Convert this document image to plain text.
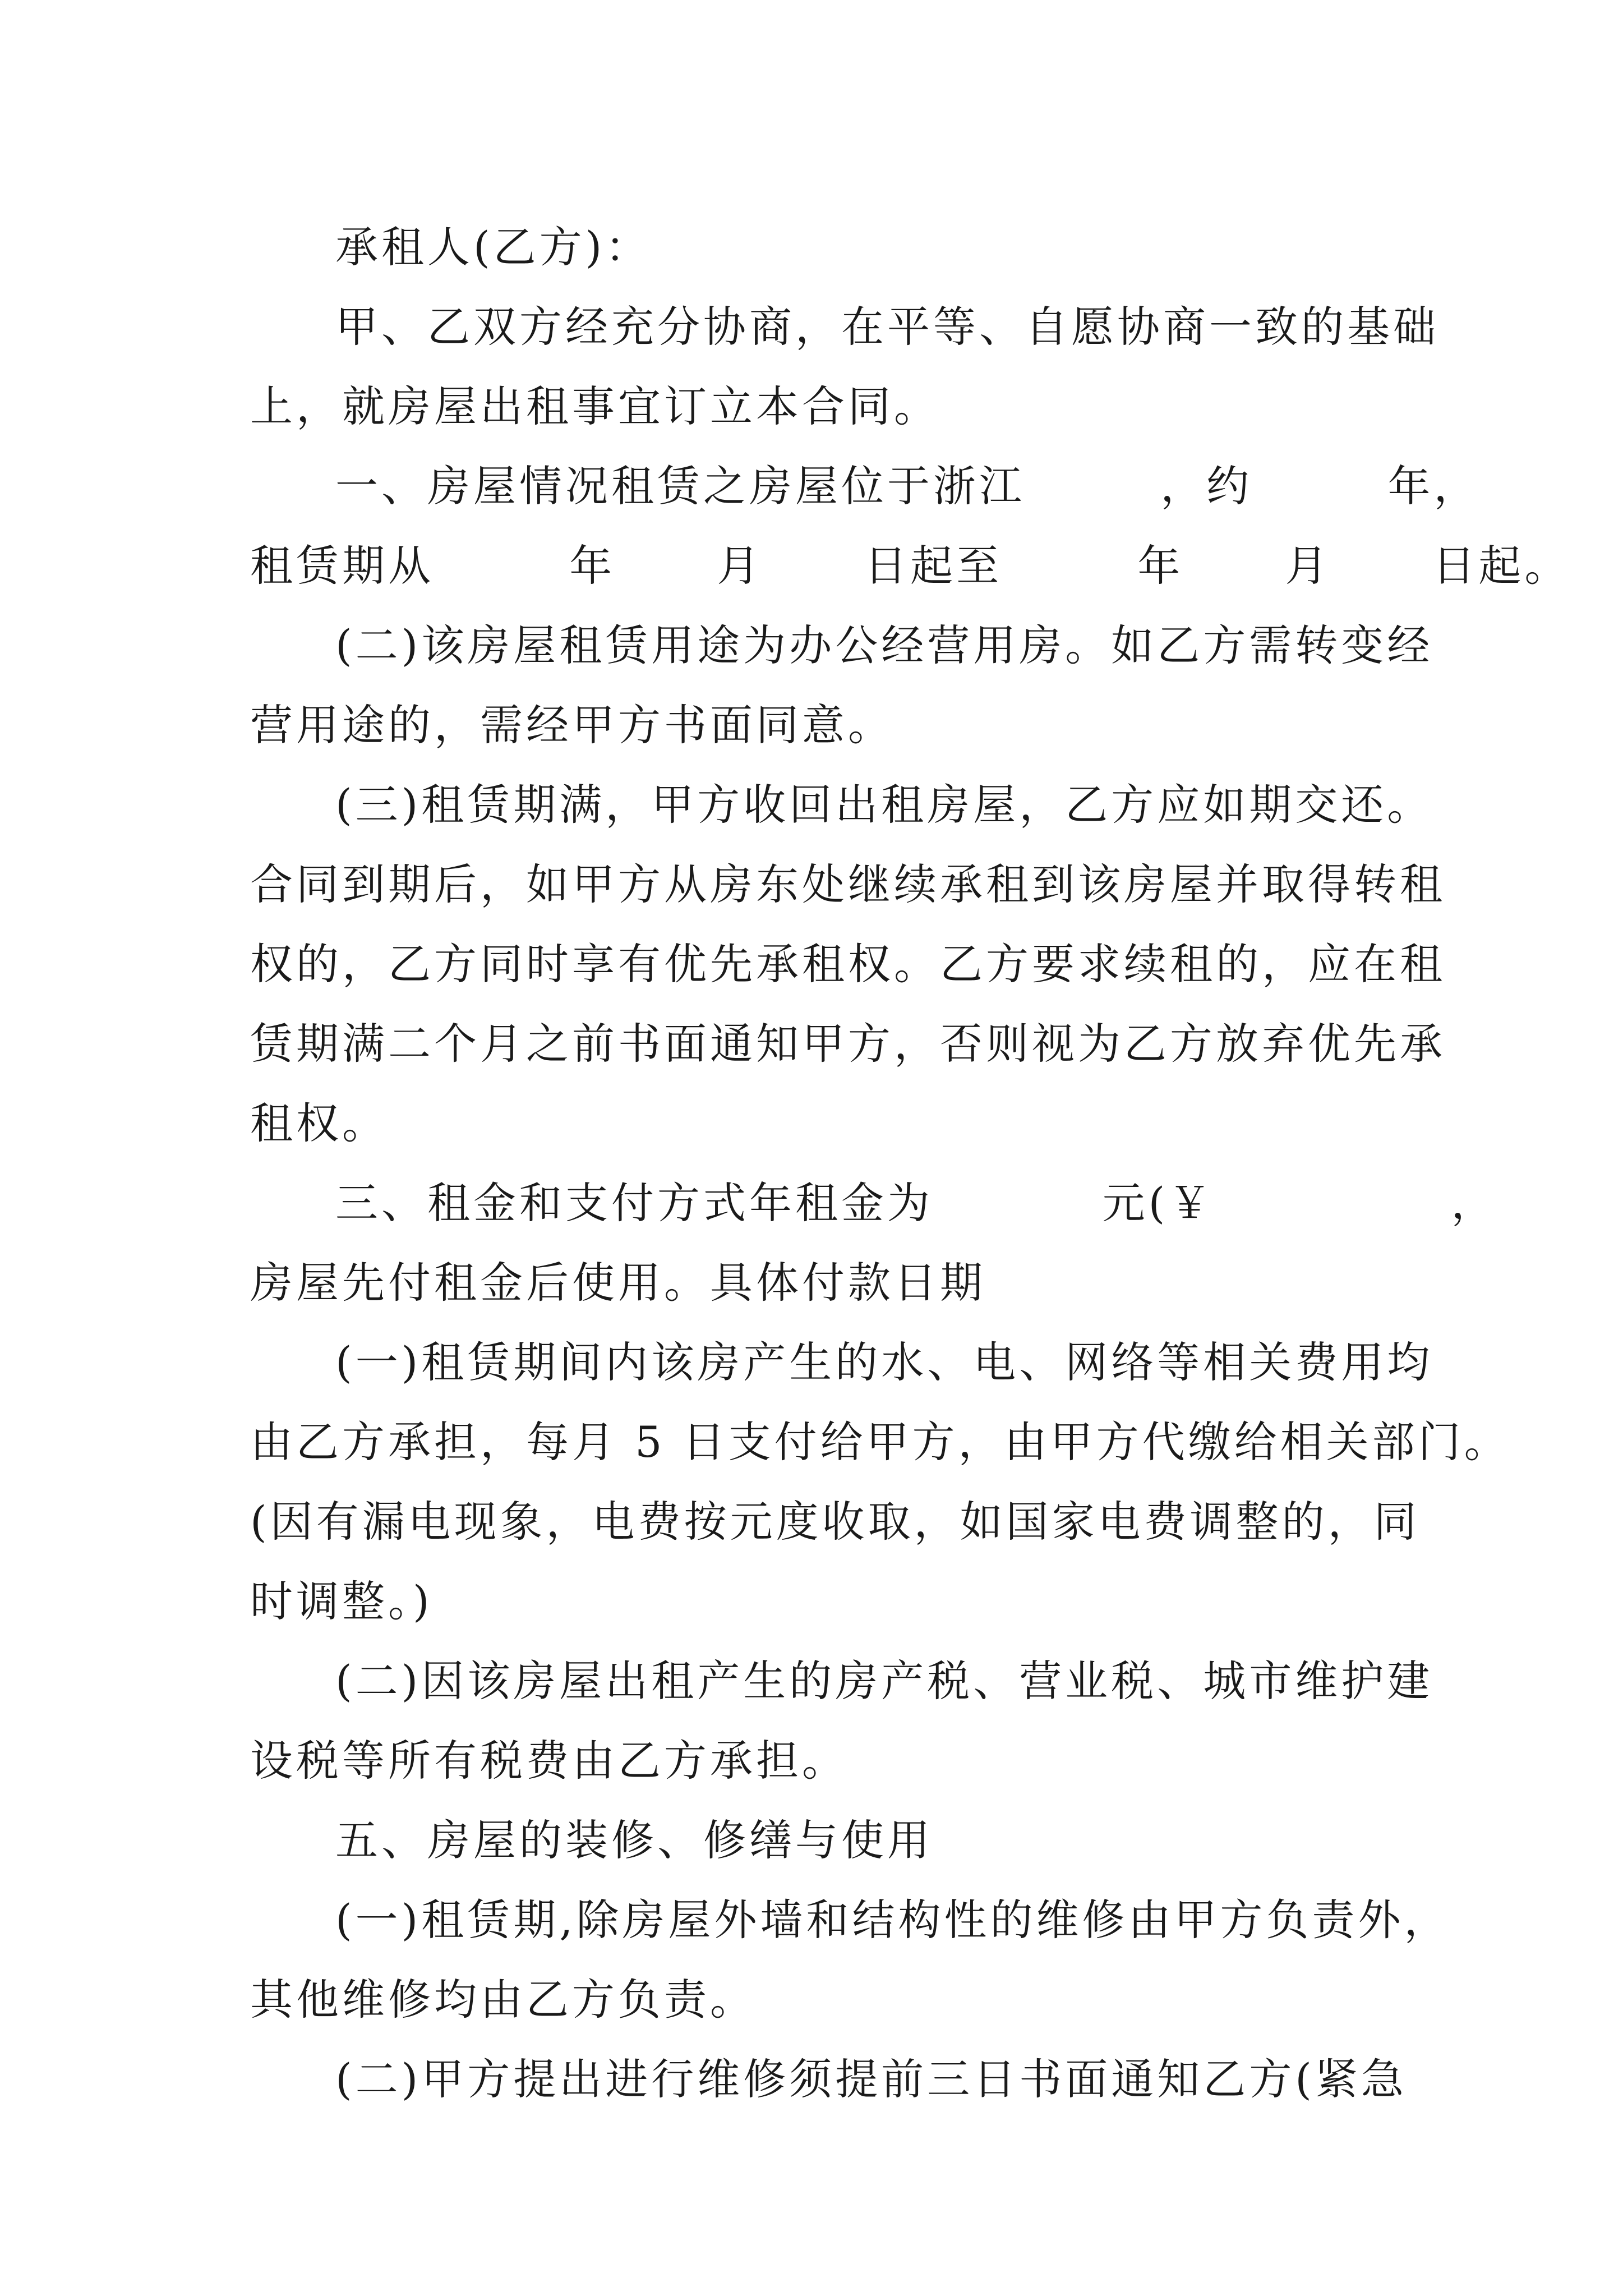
承租人(乙方)：
甲、乙双方经充分协商，在平等、自愿协商一致的基础
上，就房屋出租事宜订立本合同。
一、房屋情况租赁之房屋位于浙江        ，约        年，
租赁期从        年      月      日起至        年      月      日起。
(二)该房屋租赁用途为办公经营用房。如乙方需转变经
营用途的，需经甲方书面同意。
(三)租赁期满，甲方收回出租房屋，乙方应如期交还。
合同到期后，如甲方从房东处继续承租到该房屋并取得转租
权的，乙方同时享有优先承租权。乙方要求续租的，应在租
赁期满二个月之前书面通知甲方，否则视为乙方放弃优先承
租权。
三、租金和支付方式年租金为          元(￥              ，
房屋先付租金后使用。具体付款日期
(一)租赁期间内该房产生的水、电、网络等相关费用均
由乙方承担，每月 5 日支付给甲方，由甲方代缴给相关部门。
(因有漏电现象，电费按元度收取，如国家电费调整的，同
时调整。)
(二)因该房屋出租产生的房产税、营业税、城市维护建
设税等所有税费由乙方承担。
五、房屋的装修、修缮与使用
(一)租赁期,除房屋外墙和结构性的维修由甲方负责外，
其他维修均由乙方负责。
(二)甲方提出进行维修须提前三日书面通知乙方(紧急
